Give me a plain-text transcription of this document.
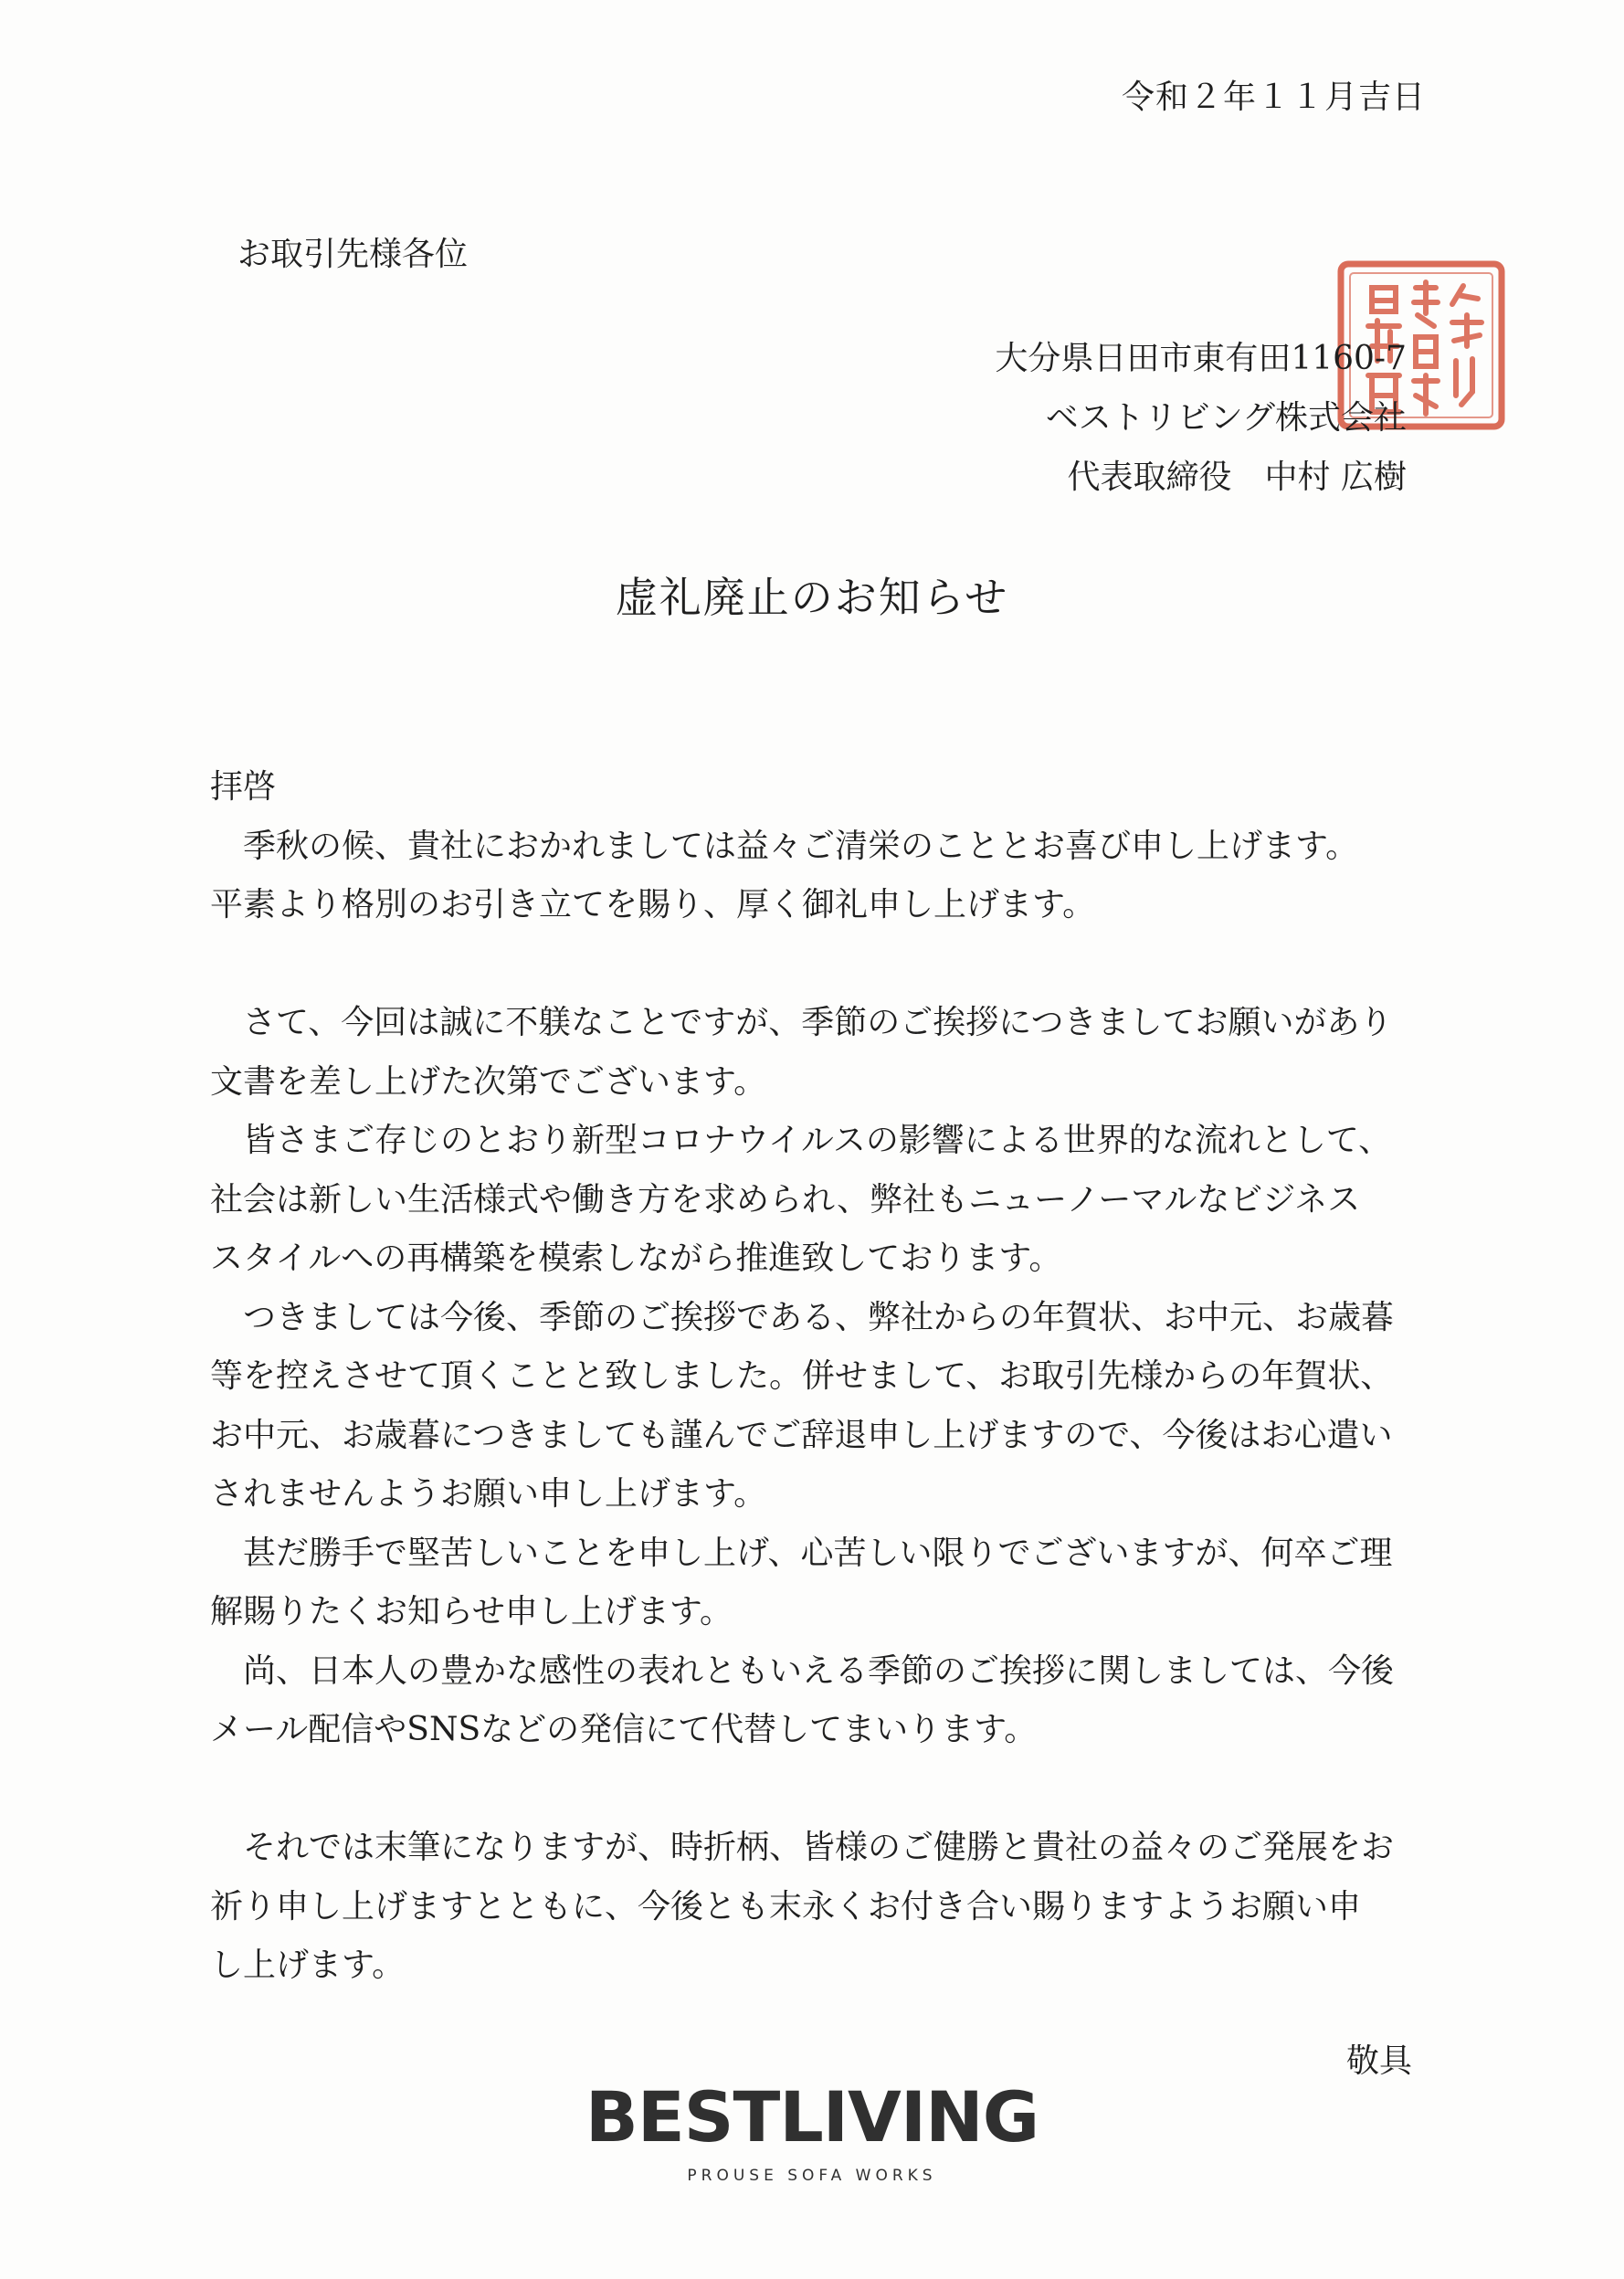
令和２年１１月吉日
お取引先様各位
大分県日田市東有田1160-7
ベストリビング株式会社
代表取締役　中村 広樹
虚礼廃止のお知らせ

拝啓

　季秋の候、貴社におかれましては益々ご清栄のこととお喜び申し上げます。

平素より格別のお引き立てを賜り、厚く御礼申し上げます。

　さて、今回は誠に不躾なことですが、季節のご挨拶につきましてお願いがあり

文書を差し上げた次第でございます。

　皆さまご存じのとおり新型コロナウイルスの影響による世界的な流れとして、

社会は新しい生活様式や働き方を求められ、弊社もニューノーマルなビジネス

スタイルへの再構築を模索しながら推進致しております。

　つきましては今後、季節のご挨拶である、弊社からの年賀状、お中元、お歳暮

等を控えさせて頂くことと致しました。併せまして、お取引先様からの年賀状、

お中元、お歳暮につきましても謹んでご辞退申し上げますので、今後はお心遣い

されませんようお願い申し上げます。

　甚だ勝手で堅苦しいことを申し上げ、心苦しい限りでございますが、何卒ご理

解賜りたくお知らせ申し上げます。

　尚、日本人の豊かな感性の表れともいえる季節のご挨拶に関しましては、今後

メール配信やSNSなどの発信にて代替してまいります。

　それでは末筆になりますが、時折柄、皆様のご健勝と貴社の益々のご発展をお

祈り申し上げますとともに、今後とも末永くお付き合い賜りますようお願い申

し上げます。

敬具
BESTLIVING
PROUSE SOFA WORKS
